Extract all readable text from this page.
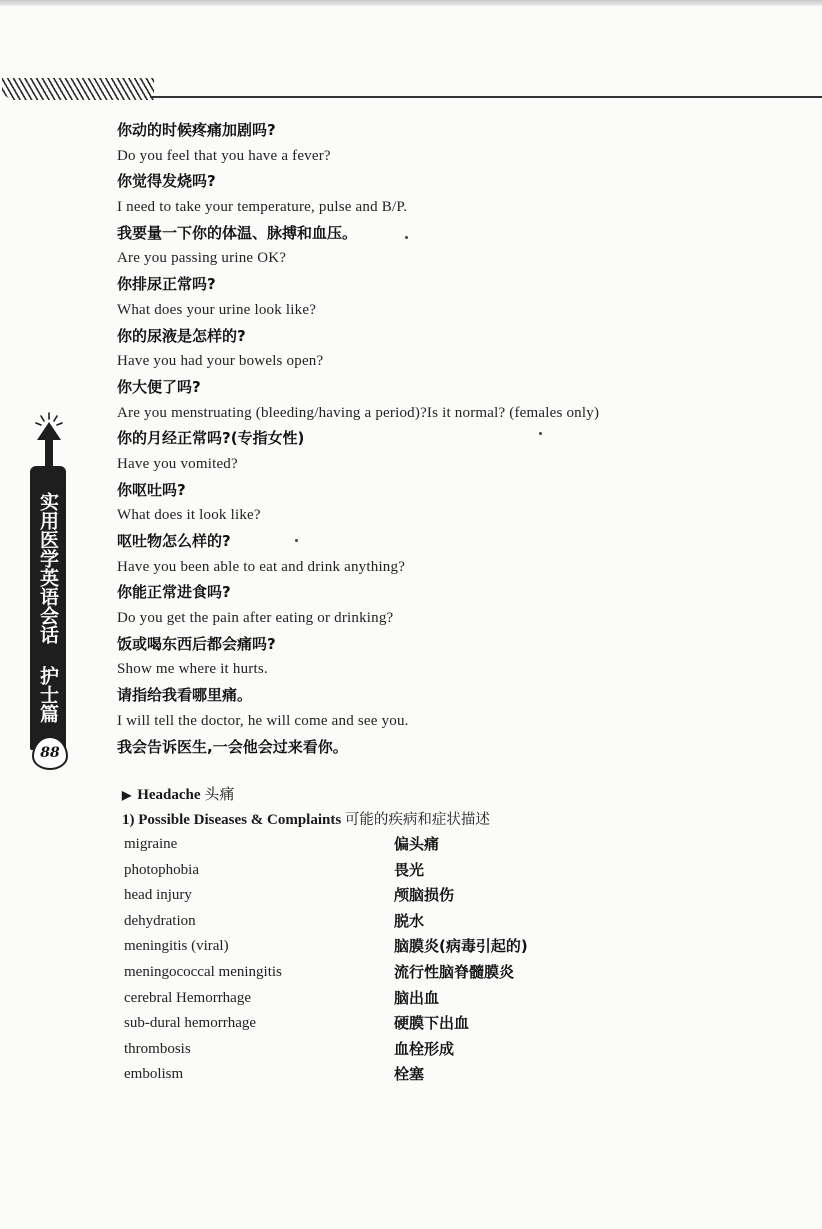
实用医学英语会话 护士篇
88
你动的时候疼痛加剧吗?
Do you feel that you have a fever?
你觉得发烧吗?
I need to take your temperature, pulse and B/P.
我要量一下你的体温、脉搏和血压。
Are you passing urine OK?
你排尿正常吗?
What does your urine look like?
你的尿液是怎样的?
Have you had your bowels open?
你大便了吗?
Are you menstruating (bleeding/having a period)?Is it normal? (females only)
你的月经正常吗?(专指女性)
Have you vomited?
你呕吐吗?
What does it look like?
呕吐物怎么样的?
Have you been able to eat and drink anything?
你能正常进食吗?
Do you get the pain after eating or drinking?
饭或喝东西后都会痛吗?
Show me where it hurts.
请指给我看哪里痛。
I will tell the doctor, he will come and see you.
我会告诉医生,一会他会过来看你。
▶ Headache 头痛
1) Possible Diseases & Complaints 可能的疾病和症状描述
migraine	偏头痛
photophobia	畏光
head injury	颅脑损伤
dehydration	脱水
meningitis (viral)	脑膜炎(病毒引起的)
meningococcal meningitis	流行性脑脊髓膜炎
cerebral Hemorrhage	脑出血
sub-dural hemorrhage	硬膜下出血
thrombosis	血栓形成
embolism	栓塞
